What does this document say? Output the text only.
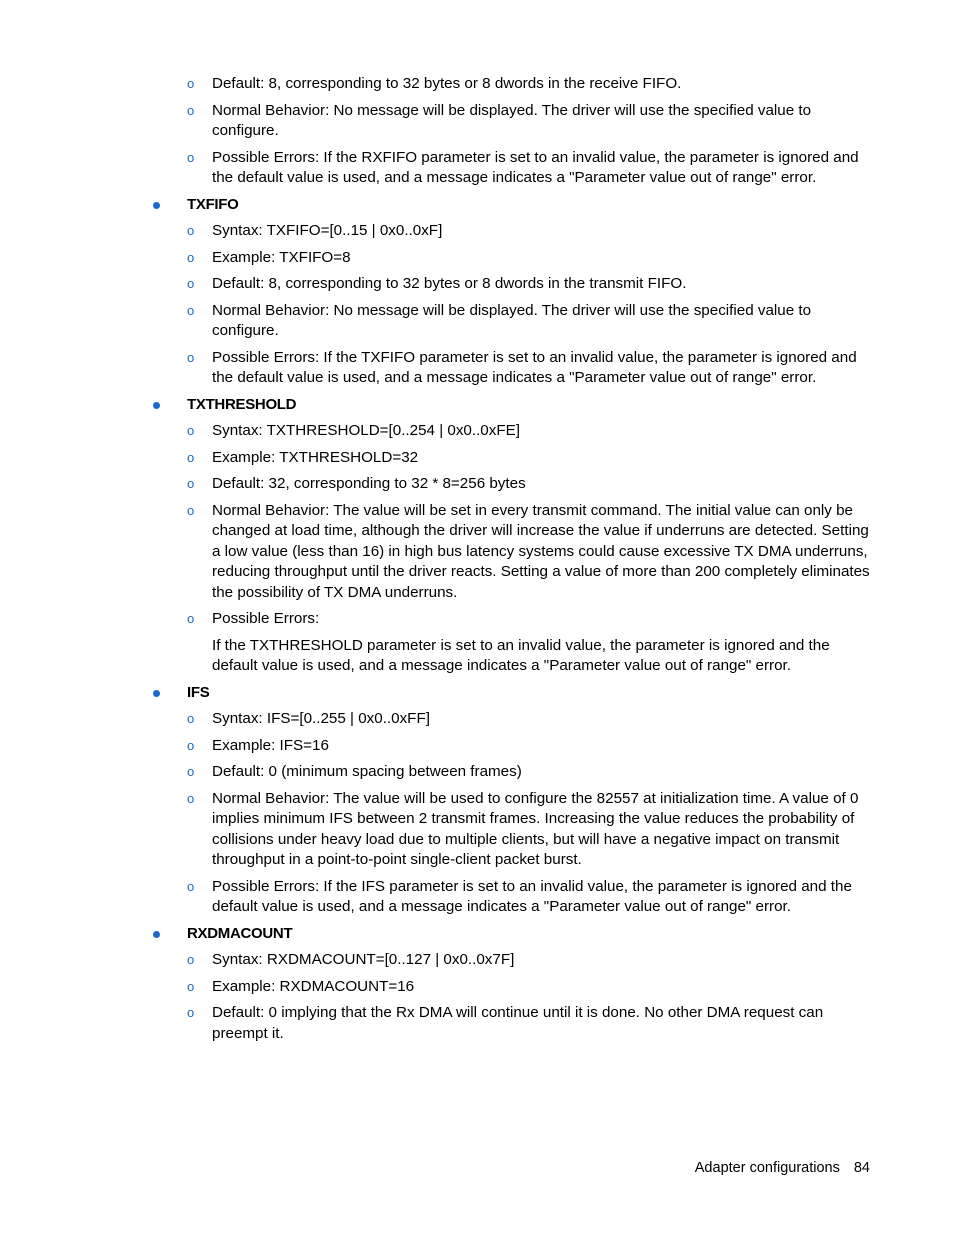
o Default: 8, corresponding to 32 bytes or 8 dwords in the receive FIFO.
o Normal Behavior: No message will be displayed. The driver will use the specified value to configure.
o Possible Errors: If the RXFIFO parameter is set to an invalid value, the parameter is ignored and the default value is used, and a message indicates a "Parameter value out of range" error.
TXFIFO
o Syntax: TXFIFO=[0..15 | 0x0..0xF]
o Example: TXFIFO=8
o Default: 8, corresponding to 32 bytes or 8 dwords in the transmit FIFO.
o Normal Behavior: No message will be displayed. The driver will use the specified value to configure.
o Possible Errors: If the TXFIFO parameter is set to an invalid value, the parameter is ignored and the default value is used, and a message indicates a "Parameter value out of range" error.
TXTHRESHOLD
o Syntax: TXTHRESHOLD=[0..254 | 0x0..0xFE]
o Example: TXTHRESHOLD=32
o Default: 32, corresponding to 32 * 8=256 bytes
o Normal Behavior: The value will be set in every transmit command. The initial value can only be changed at load time, although the driver will increase the value if underruns are detected. Setting a low value (less than 16) in high bus latency systems could cause excessive TX DMA underruns, reducing throughput until the driver reacts. Setting a value of more than 200 completely eliminates the possibility of TX DMA underruns.
o Possible Errors:

If the TXTHRESHOLD parameter is set to an invalid value, the parameter is ignored and the default value is used, and a message indicates a "Parameter value out of range" error.

IFS
o Syntax: IFS=[0..255 | 0x0..0xFF]
o Example: IFS=16
o Default: 0 (minimum spacing between frames)
o Normal Behavior: The value will be used to configure the 82557 at initialization time. A value of 0 implies minimum IFS between 2 transmit frames. Increasing the value reduces the probability of collisions under heavy load due to multiple clients, but will have a negative impact on transmit throughput in a point-to-point single-client packet burst.
o Possible Errors: If the IFS parameter is set to an invalid value, the parameter is ignored and the default value is used, and a message indicates a "Parameter value out of range" error.
RXDMACOUNT
o Syntax: RXDMACOUNT=[0..127 | 0x0..0x7F]
o Example: RXDMACOUNT=16
o Default: 0 implying that the Rx DMA will continue until it is done. No other DMA request can preempt it.
Adapter configurations 84
